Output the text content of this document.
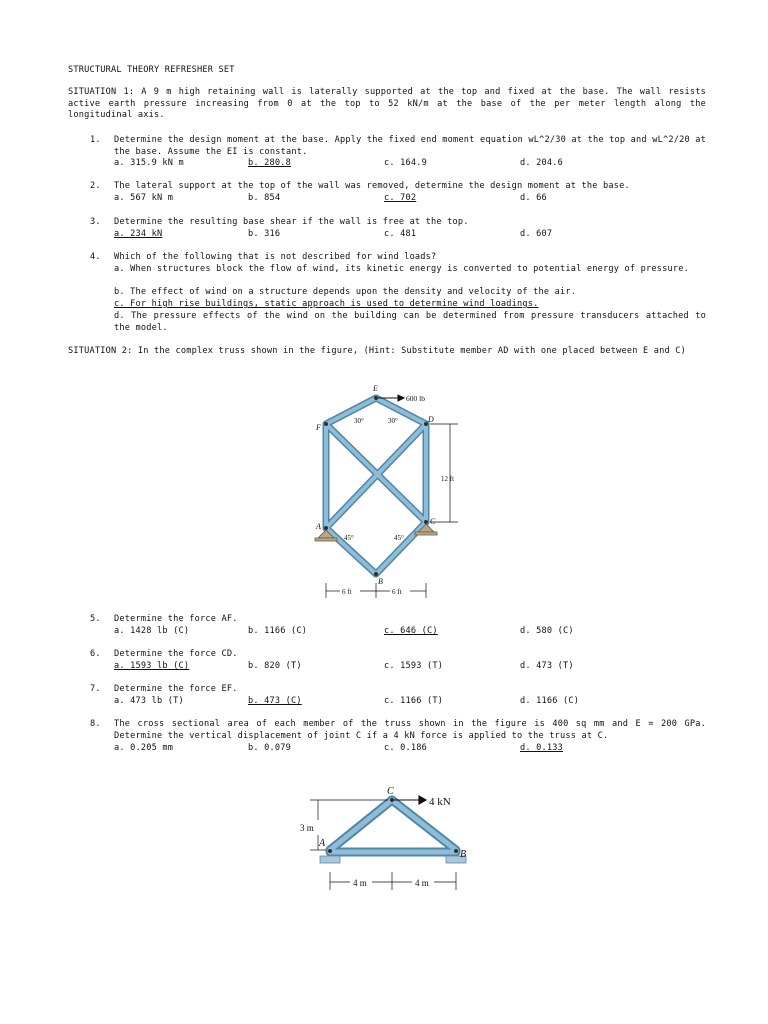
STRUCTURAL THEORY REFRESHER SET
SITUATION 1: A 9 m high retaining wall is laterally supported at the top and fixed at the base. The wall resists active earth pressure increasing from 0 at the top to 52 kN/m at the base of the per meter length along the longitudinal axis.
1. Determine the design moment at the base. Apply the fixed end moment equation wL^2/30 at the top and wL^2/20 at the base. Assume the EI is constant.
a. 315.9 kN m	b. 280.8	c. 164.9	d. 204.6
2. The lateral support at the top of the wall was removed, determine the design moment at the base.
a. 567 kN m	b. 854	c. 702	d. 66
3. Determine the resulting base shear if the wall is free at the top.
a. 234 kN	b. 316	c. 481	d. 607
4. Which of the following that is not described for wind loads?
a. When structures block the flow of wind, its kinetic energy is converted to potential energy of pressure.
b. The effect of wind on a structure depends upon the density and velocity of the air.
c. For high rise buildings, static approach is used to determine wind loadings.
d. The pressure effects of the wind on the building can be determined from pressure transducers attached to the model.
SITUATION 2: In the complex truss shown in the figure, (Hint: Substitute member AD with one placed between E and C)
600 lb
30°	30°
45°	45°
E
D
F
A
C
B
12 ft
6 ft	6 ft
5. Determine the force AF.
a. 1428 lb (C)	b. 1166 (C)	c. 646 (C)	d. 580 (C)
6. Determine the force CD.
a. 1593 lb (C)	b. 820 (T)	c. 1593 (T)	d. 473 (T)
7. Determine the force EF.
a. 473 lb (T)	b. 473 (C)	c. 1166 (T)	d. 1166 (C)
8. The cross sectional area of each member of the truss shown in the figure is 400 sq mm and E = 200 GPa. Determine the vertical displacement of joint C if a 4 kN force is applied to the truss at C.
a. 0.205 mm	b. 0.079	c. 0.186	d. 0.133
4 kN
C
A
B
3 m
4 m	4 m
